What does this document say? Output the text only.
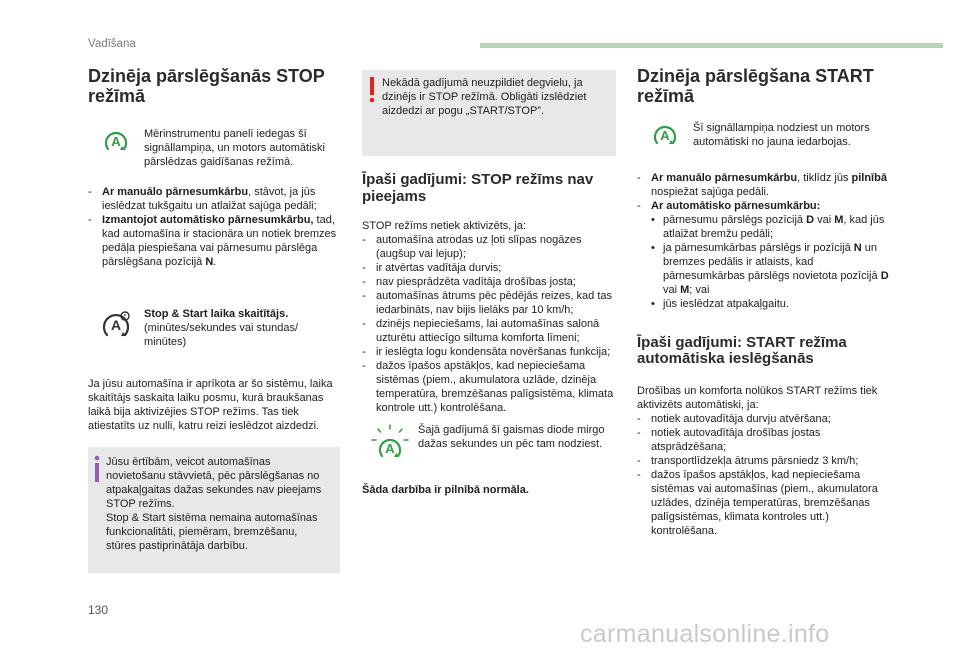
Vadīšana
Dzinēja pārslēgšanās STOP režīmā
A Mērinstrumentu panelī iedegas šī signāllampiņa, un motors automātiski pārslēdzas gaidīšanas režīmā.
- Ar manuālo pārnesumkārbu, stāvot, ja jūs ieslēdzat tukšgaitu un atlaižat sajūga pedāli;
- Izmantojot automātisko pārnesumkārbu, tad, kad automašīna ir stacionāra un notiek bremzes pedāļa piespiešana vai pārnesumu pārslēga pārslēgšana pozīcijā N.
A
Stop & Start laika skaitītājs.
(minūtes/sekundes vai stundas/ minūtes)
Ja jūsu automašīna ir aprīkota ar šo sistēmu, laika skaitītājs saskaita laiku posmu, kurā braukšanas laikā bija aktivizējies STOP režīms. Tas tiek atiestatīts uz nulli, katru reizi ieslēdzot aizdedzi.
Jūsu ērtībām, veicot automašīnas novietošanu stāvvietā, pēc pārslēgšanas no atpakaļgaitas dažas sekundes nav pieejams STOP režīms.
Stop & Start sistēma nemaina automašīnas funkcionalitāti, piemēram, bremzēšanu, stūres pastiprinātāja darbību.
Nekādā gadījumā neuzpildiet degvielu, ja dzinējs ir STOP režīmā. Obligāti izslēdziet aizdedzi ar pogu „START/STOP”.
Īpaši gadījumi: STOP režīms nav pieejams
STOP režīms netiek aktivizēts, ja:
- automašīna atrodas uz ļoti slīpas nogāzes (augšup vai lejup);
- ir atvērtas vadītāja durvis;
- nav piesprādzēta vadītāja drošības josta;
- automašīnas ātrums pēc pēdējās reizes, kad tas iedarbināts, nav bijis lielāks par 10 km/h;
- dzinējs nepieciešams, lai automašīnas salonā uzturētu attiecīgo siltuma komforta līmeni;
- ir ieslēgta logu kondensāta novēršanas funkcija;
- dažos īpašos apstākļos, kad nepieciešama sistēmas (piem., akumulatora uzlāde, dzinēja temperatūra, bremzēšanas palīgsistēma, klimata kontrole utt.) kontrolēšana.
A
Šajā gadījumā šī gaismas diode mirgo dažas sekundes un pēc tam nodziest.
Šāda darbība ir pilnībā normāla.
Dzinēja pārslēgšana START režīmā
A Šī signāllampiņa nodziest un motors automātiski no jauna iedarbojas.
- Ar manuālo pārnesumkārbu, tiklīdz jūs pilnībā nospiežat sajūga pedāli.
- Ar automātisko pārnesumkārbu:
• pārnesumu pārslēgs pozīcijā D vai M, kad jūs atlaižat bremžu pedāli;
• ja pārnesumkārbas pārslēgs ir pozīcijā N un bremzes pedālis ir atlaists, kad pārnesumkārbas pārslēgs novietota pozīcijā D vai M; vai
• jūs ieslēdzat atpakaļgaitu.
Īpaši gadījumi: START režīma automātiska ieslēgšanās
Drošības un komforta nolūkos START režīms tiek aktivizēts automātiski, ja:
- notiek autovadītāja durvju atvēršana;
- notiek autovadītāja drošības jostas atsprādzēšana;
- transportlīdzekļa ātrums pārsniedz 3 km/h;
- dažos īpašos apstākļos, kad nepieciešama sistēmas vai automašīnas (piem., akumulatora uzlādes, dzinēja temperatūras, bremzēšanas palīgsistēmas, klimata kontroles utt.) kontrolēšana.
130
carmanualsonline.info
